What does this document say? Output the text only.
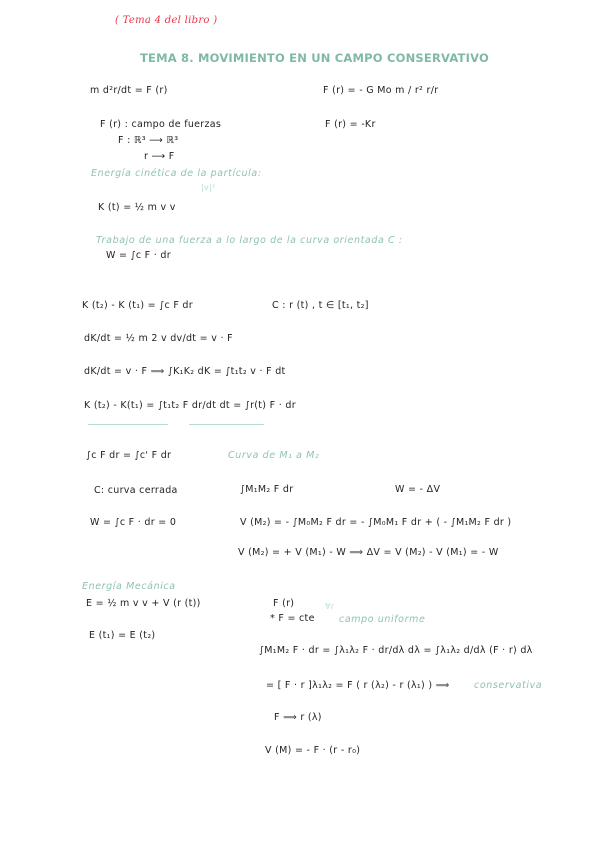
( Tema 4 del libro )
TEMA 8. MOVIMIENTO EN UN CAMPO CONSERVATIVO
m d²r/dt = F (r)	F (r) = - G Mo m / r² r/r
F (r) : campo de fuerzas	F (r) = -Kr
F : ℝ³ ⟶ ℝ³
r ⟶ F
Energía cinética de la partícula:
|v|²
K (t) = ½ m v v
Trabajo de una fuerza a lo largo de la curva orientada C :
W = ∫c F · dr
K (t₂) - K (t₁) = ∫c F dr	C : r (t) , t ∈ [t₁, t₂]
dK/dt = ½ m 2 v dv/dt = v · F
dK/dt = v · F ⟹ ∫K₁K₂ dK = ∫t₁t₂ v · F dt
K (t₂) - K(t₁) = ∫t₁t₂ F dr/dt dt = ∫r(t) F · dr
∫c F dr = ∫c' F dr	Curva de M₁ a M₂
C: curva cerrada	∫M₁M₂ F dr	W = - ΔV
W = ∫c F · dr = 0	V (M₂) = - ∫M₀M₂ F dr = - ∫M₀M₁ F dr + ( - ∫M₁M₂ F dr )
V (M₂) = + V (M₁) - W ⟹ ΔV = V (M₂) - V (M₁) = - W
Energía Mecánica
E = ½ m v v + V (r (t))	F (r)	∀r
* F = cte	campo uniforme
E (t₁) = E (t₂)
∫M₁M₂ F · dr = ∫λ₁λ₂ F · dr/dλ dλ = ∫λ₁λ₂ d/dλ (F · r) dλ
= [ F · r ]λ₁λ₂ = F ( r (λ₂) - r (λ₁) ) ⟹	conservativa
F ⟹ r (λ)
V (M) = - F · (r - r₀)
